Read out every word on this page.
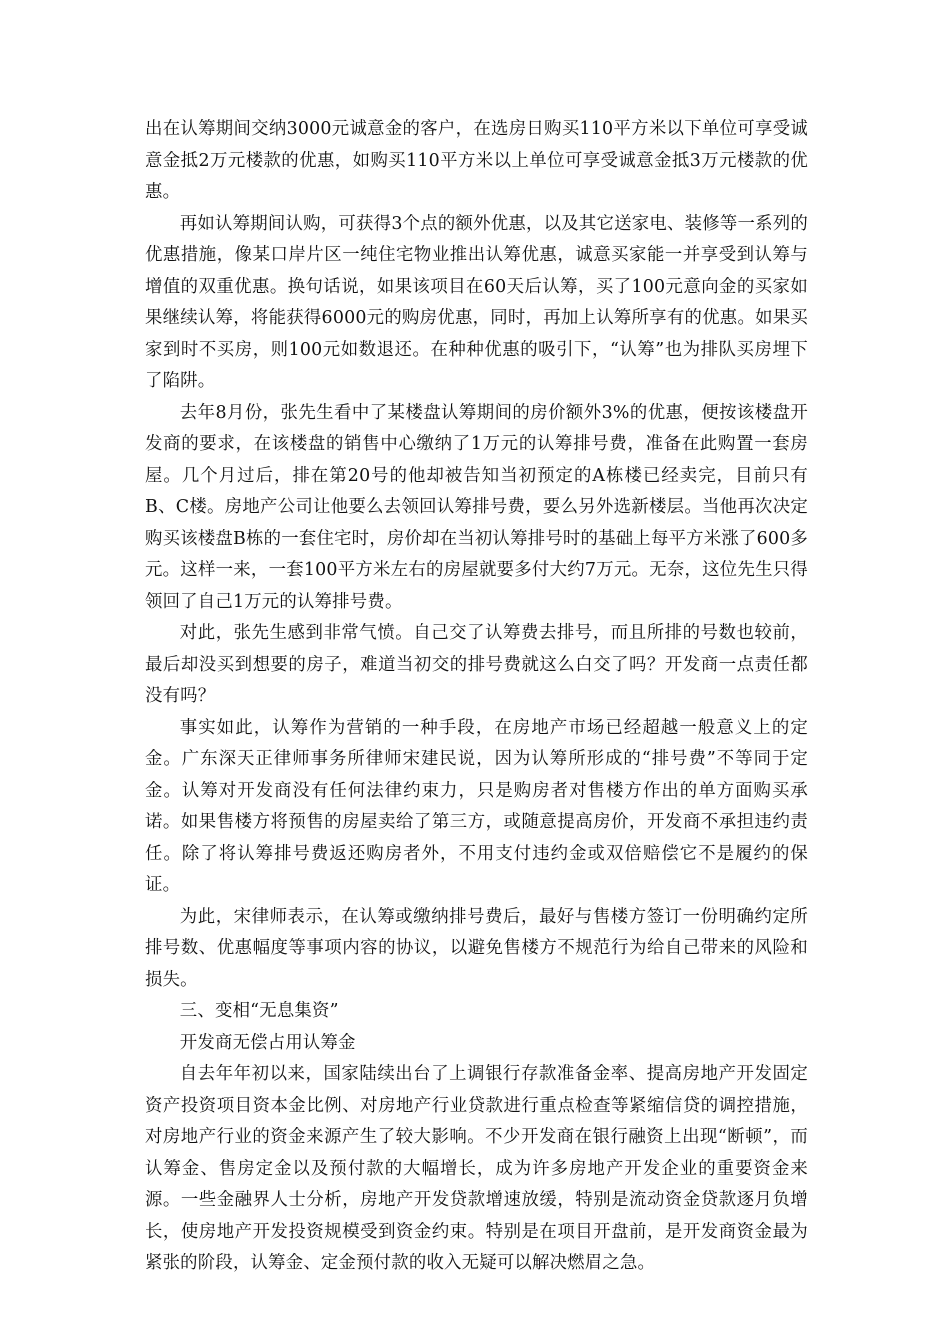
出在认筹期间交纳3000元诚意金的客户，在选房日购买110平方米以下单位可享受诚意金抵2万元楼款的优惠，如购买110平方米以上单位可享受诚意金抵3万元楼款的优惠。

再如认筹期间认购，可获得3个点的额外优惠，以及其它送家电、装修等一系列的优惠措施，像某口岸片区一纯住宅物业推出认筹优惠，诚意买家能一并享受到认筹与增值的双重优惠。换句话说，如果该项目在60天后认筹，买了100元意向金的买家如果继续认筹，将能获得6000元的购房优惠，同时，再加上认筹所享有的优惠。如果买家到时不买房，则100元如数退还。在种种优惠的吸引下，“认筹”也为排队买房埋下了陷阱。

去年8月份，张先生看中了某楼盘认筹期间的房价额外3%的优惠，便按该楼盘开发商的要求，在该楼盘的销售中心缴纳了1万元的认筹排号费，准备在此购置一套房屋。几个月过后，排在第20号的他却被告知当初预定的A栋楼已经卖完，目前只有B、C楼。房地产公司让他要么去领回认筹排号费，要么另外选新楼层。当他再次决定购买该楼盘B栋的一套住宅时，房价却在当初认筹排号时的基础上每平方米涨了600多元。这样一来，一套100平方米左右的房屋就要多付大约7万元。无奈，这位先生只得领回了自己1万元的认筹排号费。

对此，张先生感到非常气愤。自己交了认筹费去排号，而且所排的号数也较前，最后却没买到想要的房子，难道当初交的排号费就这么白交了吗？开发商一点责任都没有吗？

事实如此，认筹作为营销的一种手段，在房地产市场已经超越一般意义上的定金。广东深天正律师事务所律师宋建民说，因为认筹所形成的“排号费”不等同于定金。认筹对开发商没有任何法律约束力，只是购房者对售楼方作出的单方面购买承诺。如果售楼方将预售的房屋卖给了第三方，或随意提高房价，开发商不承担违约责任。除了将认筹排号费返还购房者外，不用支付违约金或双倍赔偿它不是履约的保证。

为此，宋律师表示，在认筹或缴纳排号费后，最好与售楼方签订一份明确约定所排号数、优惠幅度等事项内容的协议，以避免售楼方不规范行为给自己带来的风险和损失。

三、变相“无息集资”

开发商无偿占用认筹金

自去年年初以来，国家陆续出台了上调银行存款准备金率、提高房地产开发固定资产投资项目资本金比例、对房地产行业贷款进行重点检查等紧缩信贷的调控措施，对房地产行业的资金来源产生了较大影响。不少开发商在银行融资上出现“断顿”，而认筹金、售房定金以及预付款的大幅增长，成为许多房地产开发企业的重要资金来源。一些金融界人士分析，房地产开发贷款增速放缓，特别是流动资金贷款逐月负增长，使房地产开发投资规模受到资金约束。特别是在项目开盘前，是开发商资金最为紧张的阶段，认筹金、定金预付款的收入无疑可以解决燃眉之急。
